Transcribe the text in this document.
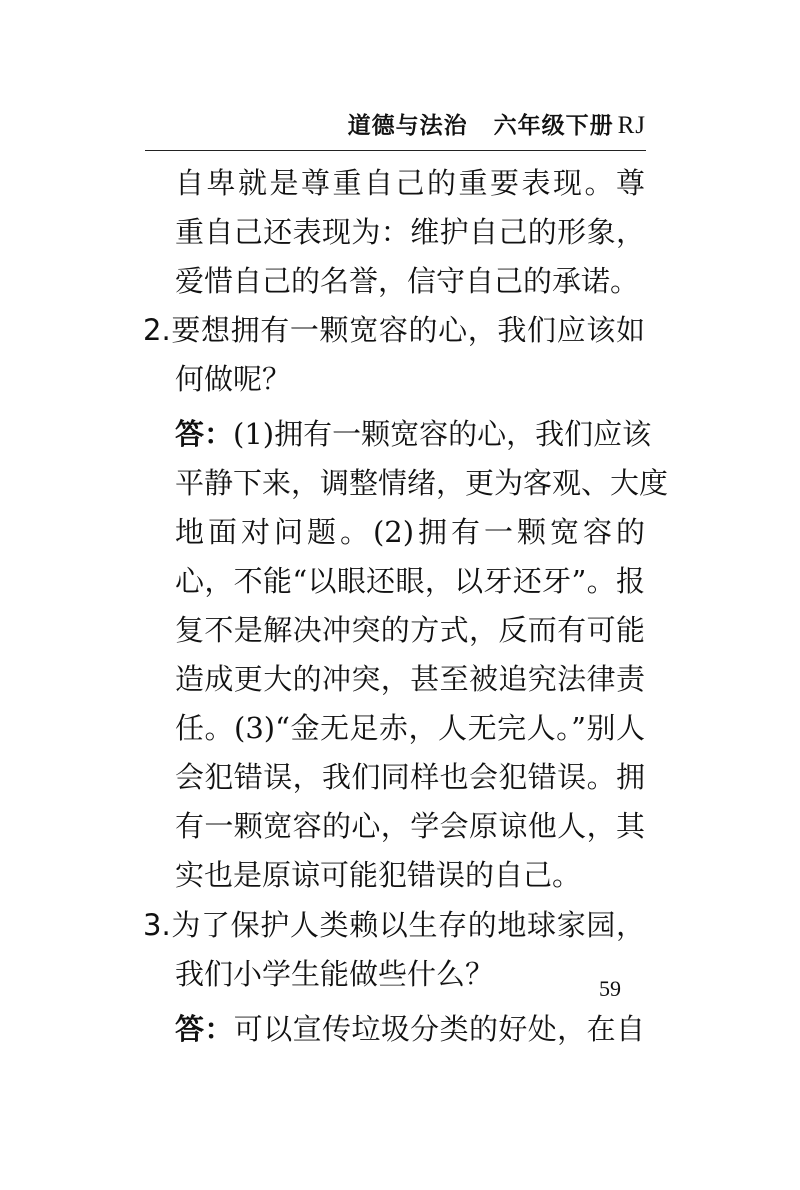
道德与法治 六年级下册 RJ
自卑就是尊重自己的重要表现。尊
重自己还表现为：维护自己的形象，
爱惜自己的名誉，信守自己的承诺。
2.要想拥有一颗宽容的心，我们应该如
何做呢？
答：(1)拥有一颗宽容的心，我们应该
平静下来，调整情绪，更为客观、大度
地面对问题。(2)拥有一颗宽容的
心，不能“以眼还眼，以牙还牙”。报
复不是解决冲突的方式，反而有可能
造成更大的冲突，甚至被追究法律责
任。(3)“金无足赤，人无完人。”别人
会犯错误，我们同样也会犯错误。拥
有一颗宽容的心，学会原谅他人，其
实也是原谅可能犯错误的自己。
3.为了保护人类赖以生存的地球家园，
我们小学生能做些什么？
答：可以宣传垃圾分类的好处，在自
59
